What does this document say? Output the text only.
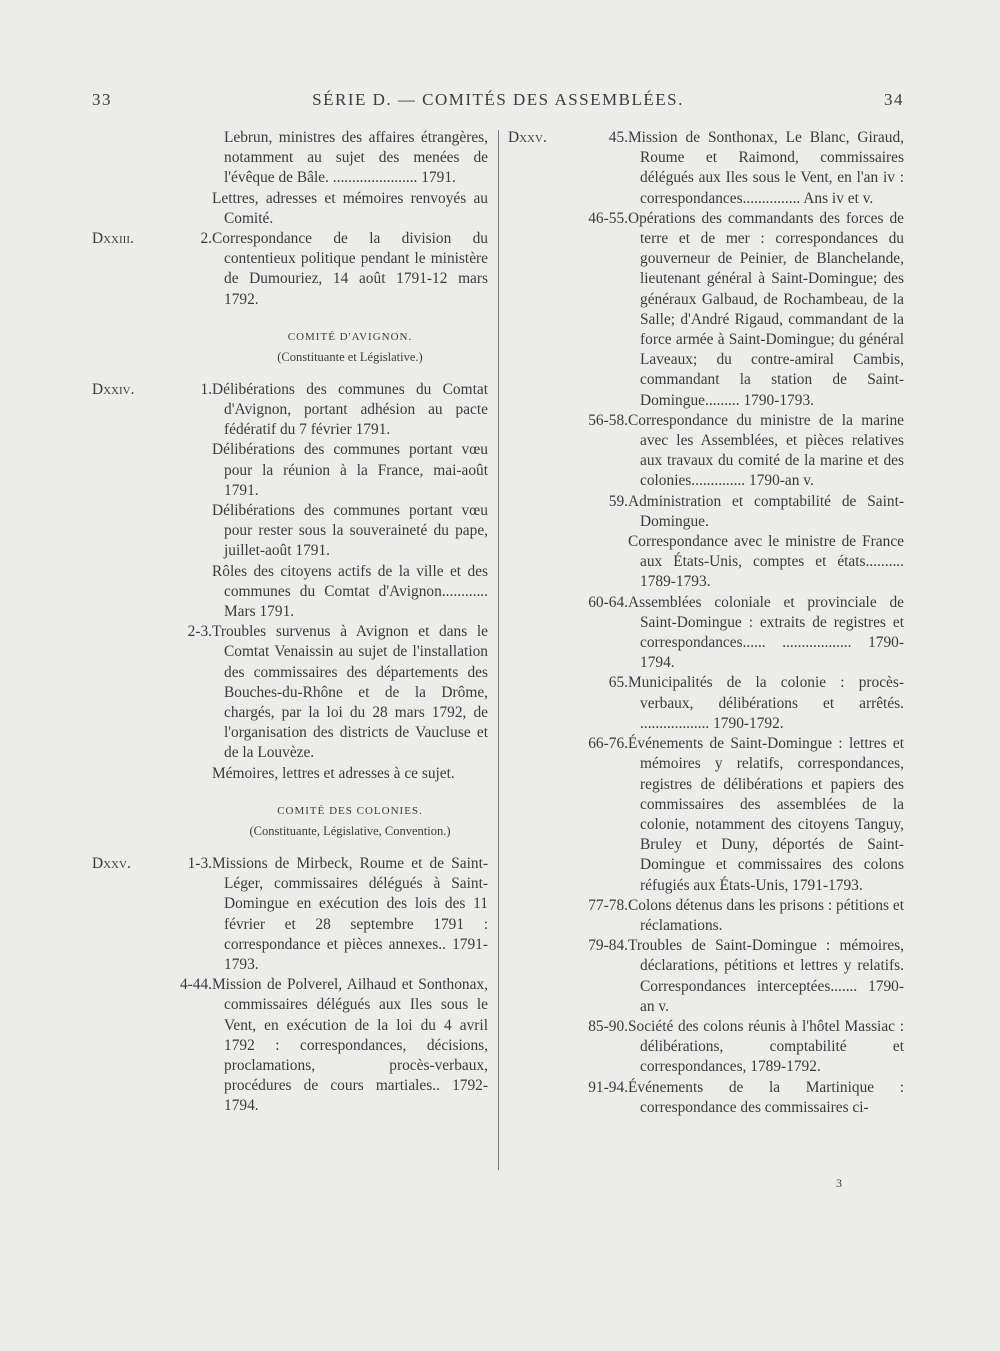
33	SÉRIE D. — COMITÉS DES ASSEMBLÉES.	34
Lebrun, ministres des affaires étrangères, notamment au sujet des menées de l'évêque de Bâle. ...................... 1791.
Lettres, adresses et mémoires renvoyés au Comité.
Dxxiii.	2. Correspondance de la division du contentieux politique pendant le ministère de Dumouriez, 14 août 1791-12 mars 1792.
COMITÉ D'AVIGNON.
(Constituante et Législative.)
Dxxiv.	1. Délibérations des communes du Comtat d'Avignon, portant adhésion au pacte fédératif du 7 février 1791.
Délibérations des communes portant vœu pour la réunion à la France, mai-août 1791.
Délibérations des communes portant vœu pour rester sous la souveraineté du pape, juillet-août 1791.
Rôles des citoyens actifs de la ville et des communes du Comtat d'Avignon............ Mars 1791.
2-3. Troubles survenus à Avignon et dans le Comtat Venaissin au sujet de l'installation des commissaires des départements des Bouches-du-Rhône et de la Drôme, chargés, par la loi du 28 mars 1792, de l'organisation des districts de Vaucluse et de la Louvèze.
Mémoires, lettres et adresses à ce sujet.
COMITÉ DES COLONIES.
(Constituante, Législative, Convention.)
Dxxv.	1-3. Missions de Mirbeck, Roume et de Saint-Léger, commissaires délégués à Saint-Domingue en exécution des lois des 11 février et 28 septembre 1791 : correspondance et pièces annexes.. 1791-1793.
4-44. Mission de Polverel, Ailhaud et Sonthonax, commissaires délégués aux Iles sous le Vent, en exécution de la loi du 4 avril 1792 : correspondances, décisions, proclamations, procès-verbaux, procédures de cours martiales.. 1792-1794.
Dxxv.	45. Mission de Sonthonax, Le Blanc, Giraud, Roume et Raimond, commissaires délégués aux Iles sous le Vent, en l'an iv : correspondances............... Ans iv et v.
46-55. Opérations des commandants des forces de terre et de mer : correspondances du gouverneur de Peinier, de Blanchelande, lieutenant général à Saint-Domingue; des généraux Galbaud, de Rochambeau, de la Salle; d'André Rigaud, commandant de la force armée à Saint-Domingue; du général Laveaux; du contre-amiral Cambis, commandant la station de Saint-Domingue......... 1790-1793.
56-58. Correspondance du ministre de la marine avec les Assemblées, et pièces relatives aux travaux du comité de la marine et des colonies.............. 1790-an v.
59. Administration et comptabilité de Saint-Domingue.
Correspondance avec le ministre de France aux États-Unis, comptes et états.......... 1789-1793.
60-64. Assemblées coloniale et provinciale de Saint-Domingue : extraits de registres et correspondances...... .................. 1790-1794.
65. Municipalités de la colonie : procès-verbaux, délibérations et arrêtés. .................. 1790-1792.
66-76. Événements de Saint-Domingue : lettres et mémoires y relatifs, correspondances, registres de délibérations et papiers des commissaires des assemblées de la colonie, notamment des citoyens Tanguy, Bruley et Duny, déportés de Saint-Domingue et commissaires des colons réfugiés aux États-Unis, 1791-1793.
77-78. Colons détenus dans les prisons : pétitions et réclamations.
79-84. Troubles de Saint-Domingue : mémoires, déclarations, pétitions et lettres y relatifs. Correspondances interceptées....... 1790-an v.
85-90. Société des colons réunis à l'hôtel Massiac : délibérations, comptabilité et correspondances, 1789-1792.
91-94. Événements de la Martinique : correspondance des commissaires ci-
3
